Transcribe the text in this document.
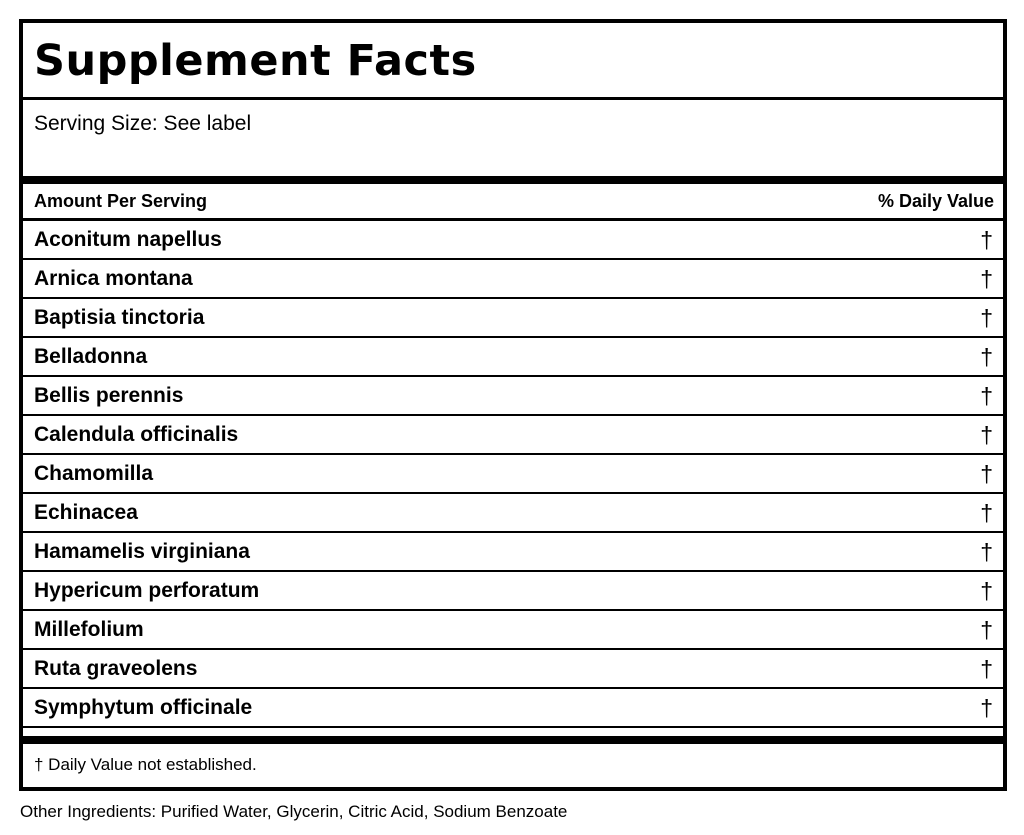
Supplement Facts
Serving Size: See label
Amount Per Serving	% Daily Value
Aconitum napellus	†
Arnica montana	†
Baptisia tinctoria	†
Belladonna	†
Bellis perennis	†
Calendula officinalis	†
Chamomilla	†
Echinacea	†
Hamamelis virginiana	†
Hypericum perforatum	†
Millefolium	†
Ruta graveolens	†
Symphytum officinale	†
† Daily Value not established.
Other Ingredients: Purified Water, Glycerin, Citric Acid, Sodium Benzoate
